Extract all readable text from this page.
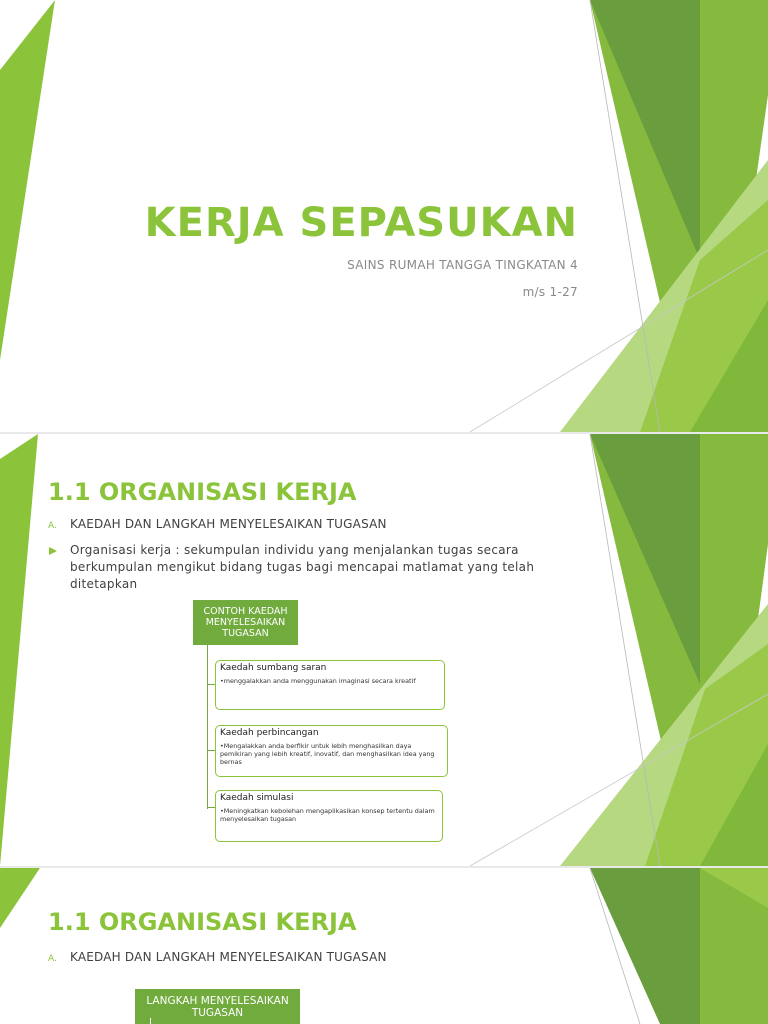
KERJA SEPASUKAN

SAINS RUMAH TANGGA TINGKATAN 4

m/s 1-27

1.1 ORGANISASI KERJA
A. KAEDAH DAN LANGKAH MENYELESAIKAN TUGASAN

Organisasi kerja : sekumpulan individu yang menjalankan tugas secara berkumpulan mengikut bidang tugas bagi mencapai matlamat yang telah ditetapkan

CONTOH KAEDAH MENYELESAIKAN TUGASAN
Kaedah sumbang saran
•menggalakkan anda menggunakan imaginasi secara kreatif
Kaedah perbincangan
•Mengalakkan anda berfikir untuk lebih menghasilkan daya pemikiran yang lebih kreatif, inovatif, dan menghasilkan idea yang bernas
Kaedah simulasi
•Meningkatkan kebolehan mengaplikasikan konsep tertentu dalam menyelesaikan tugasan
1.1 ORGANISASI KERJA
A. KAEDAH DAN LANGKAH MENYELESAIKAN TUGASAN

LANGKAH MENYELESAIKAN TUGASAN
